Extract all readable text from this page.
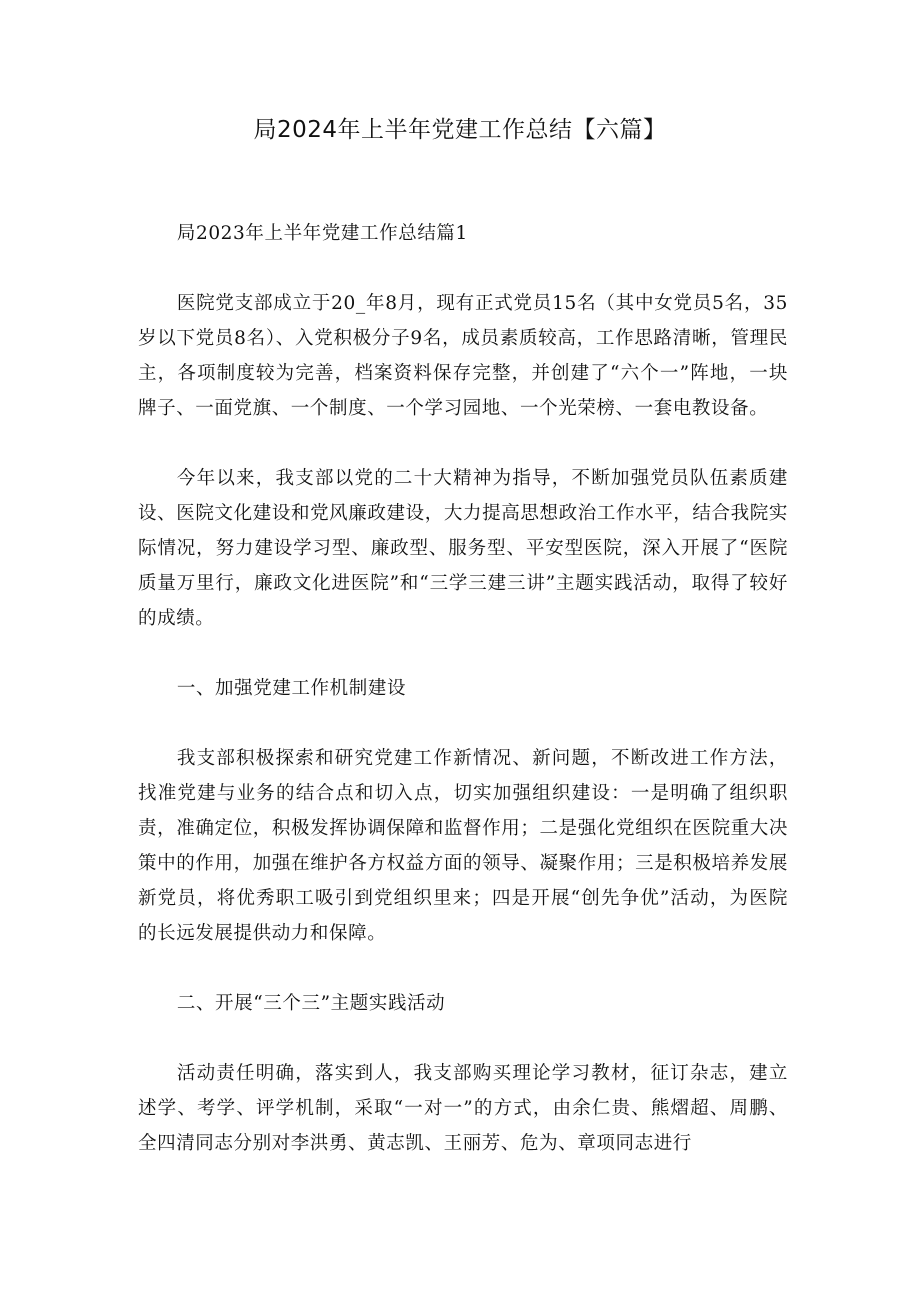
局2024年上半年党建工作总结【六篇】

局2023年上半年党建工作总结篇1

医院党支部成立于20_年8月，现有正式党员15名（其中女党员5名，35岁以下党员8名）、入党积极分子9名，成员素质较高，工作思路清晰，管理民主，各项制度较为完善，档案资料保存完整，并创建了“六个一”阵地，一块牌子、一面党旗、一个制度、一个学习园地、一个光荣榜、一套电教设备。

今年以来，我支部以党的二十大精神为指导，不断加强党员队伍素质建设、医院文化建设和党风廉政建设，大力提高思想政治工作水平，结合我院实际情况，努力建设学习型、廉政型、服务型、平安型医院，深入开展了“医院质量万里行，廉政文化进医院”和“三学三建三讲”主题实践活动，取得了较好的成绩。

一、加强党建工作机制建设

我支部积极探索和研究党建工作新情况、新问题，不断改进工作方法，找准党建与业务的结合点和切入点，切实加强组织建设：一是明确了组织职责，准确定位，积极发挥协调保障和监督作用；二是强化党组织在医院重大决策中的作用，加强在维护各方权益方面的领导、凝聚作用；三是积极培养发展新党员，将优秀职工吸引到党组织里来；四是开展“创先争优”活动，为医院的长远发展提供动力和保障。

二、开展“三个三”主题实践活动

活动责任明确，落实到人，我支部购买理论学习教材，征订杂志，建立述学、考学、评学机制，采取“一对一”的方式，由余仁贵、熊熠超、周鹏、全四清同志分别对李洪勇、黄志凯、王丽芳、危为、章项同志进行
